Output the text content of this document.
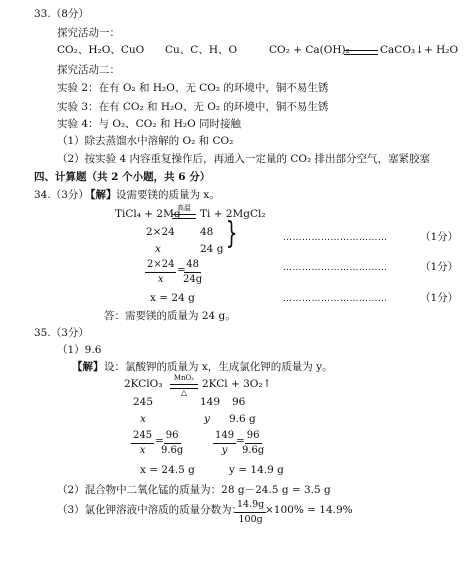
33.（8分）
探究活动一：
CO₂、H₂O、CuO Cu、C、H、O	CO₂ + Ca(OH)₂	CaCO₃↓+ H₂O
探究活动二：
实验 2：在有 O₂ 和 H₂O、无 CO₂ 的环境中，铜不易生锈
实验 3：在有 CO₂ 和 H₂O、无 O₂ 的环境中，铜不易生锈
实验 4：与 O₂、CO₂ 和 H₂O 同时接触
（1）除去蒸馏水中溶解的 O₂ 和 CO₂
（2）按实验 4 内容重复操作后，再通入一定量的 CO₂ 排出部分空气，塞紧胶塞
四、计算题（共 2 个小题，共 6 分）
34.（3分）
【解】 设需要镁的质量为 x。
TiCl₄ + 2Mg
高温 Ti + 2MgCl₂
2×24 48
x	24 g }	……………………………	（1分）
$\frac{2\times 24}{x}$ =
$\frac{48}{24g}$	……………………………	（1分）
x = 24 g	……………………………	（1分）
答：需要镁的质量为 24 g。
35.（3分）
（1）9.6
【解】 设：氯酸钾的质量为 x，生成氯化钾的质量为 y。
2KClO₃	MnO₂
△
2KCl + 3O₂↑
245	149 96
x	y 9.6 g
$\frac{245}{x}$ =
$\frac{96}{9.6g}$	$\frac{149}{y}$ =
$\frac{96}{9.6g}$
x = 24.5 g	y = 14.9 g
（2）混合物中二氧化锰的质量为：28 g－24.5 g = 3.5 g
（3）氯化钾溶液中溶质的质量分数为：
$\frac{14.9g}{100g}$
×100% = 14.9%
